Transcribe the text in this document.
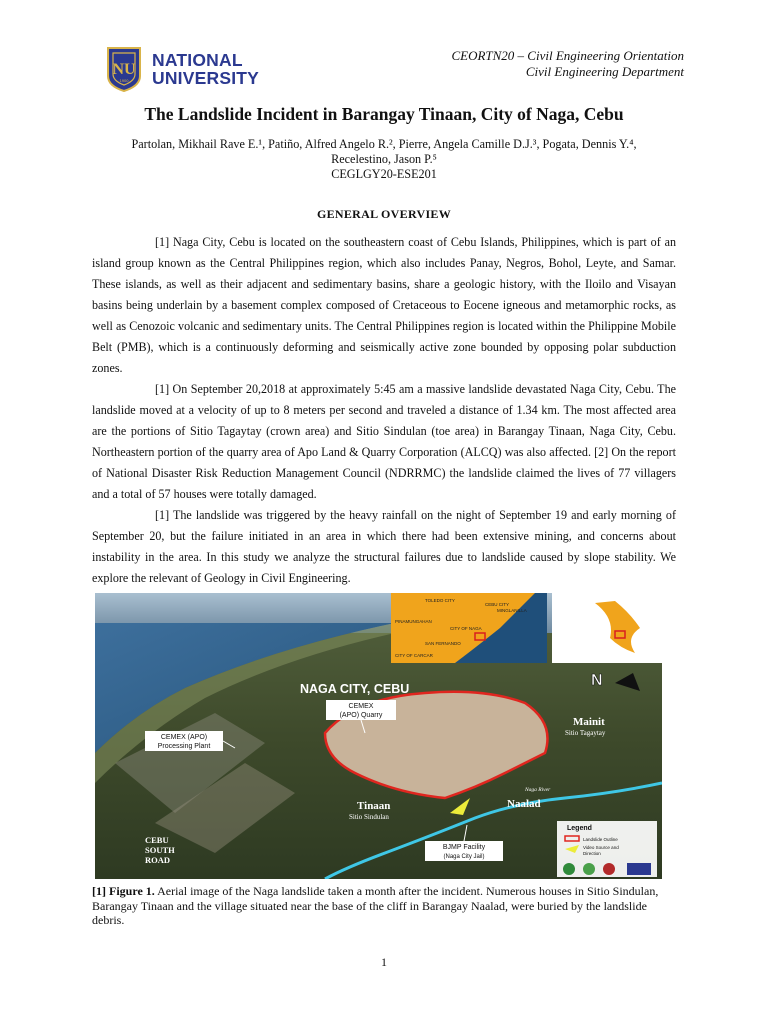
NU
1900
NATIONAL
UNIVERSITY
CEORTN20 – Civil Engineering Orientation
Civil Engineering Department
The Landslide Incident in Barangay Tinaan, City of Naga, Cebu
Partolan, Mikhail Rave E.¹, Patiño, Alfred Angelo R.², Pierre, Angela Camille D.J.³, Pogata, Dennis Y.⁴,
Recelestino, Jason P.⁵
CEGLGY20-ESE201
GENERAL OVERVIEW

[1] Naga City, Cebu is located on the southeastern coast of Cebu Islands, Philippines, which is part of an island group known as the Central Philippines region, which also includes Panay, Negros, Bohol, Leyte, and Samar. These islands, as well as their adjacent and sedimentary basins, share a geologic history, with the Iloilo and Visayan basins being underlain by a basement complex composed of Cretaceous to Eocene igneous and metamorphic rocks, as well as Cenozoic volcanic and sedimentary units. The Central Philippines region is located within the Philippine Mobile Belt (PMB), which is a continuously deforming and seismically active zone bounded by opposing polar subduction zones.

[1] On September 20,2018 at approximately 5:45 am a massive landslide devastated Naga City, Cebu. The landslide moved at a velocity of up to 8 meters per second and traveled a distance of 1.34 km. The most affected area are the portions of Sitio Tagaytay (crown area) and Sitio Sindulan (toe area) in Barangay Tinaan, Naga City, Cebu. Northeastern portion of the quarry area of Apo Land & Quarry Corporation (ALCQ) was also affected. [2] On the report of National Disaster Risk Reduction Management Council (NDRRMC) the landslide claimed the lives of 77 villagers and a total of 57 houses were totally damaged.

[1] The landslide was triggered by the heavy rainfall on the night of September 19 and early morning of September 20, but the failure initiated in an area in which there had been extensive mining, and concerns about instability in the area. In this study we analyze the structural failures due to landslide caused by slope stability. We explore the relevant of Geology in Civil Engineering.

TOLEDO CITY
CEBU CITY
MINGLANILLA
PINAMUNGAHAN
CITY OF NAGA
SAN FERNANDO
CITY OF CARCAR
NAGA CITY, CEBU	N
CEMEX
(APO) Quarry
CEMEX (APO)
Processing Plant
Mainit
Sitio Tagaytay
Tinaan
Sitio Sindulan
Naalad
Naga River
CEBU
SOUTH
ROAD
BJMP Facility
(Naga City Jail)
Legend
Landslide Outline
Video Source and
Direction
[1] Figure 1. Aerial image of the Naga landslide taken a month after the incident. Numerous houses in Sitio Sindulan, Barangay Tinaan and the village situated near the base of the cliff in Barangay Naalad, were buried by the landslide debris.
1
